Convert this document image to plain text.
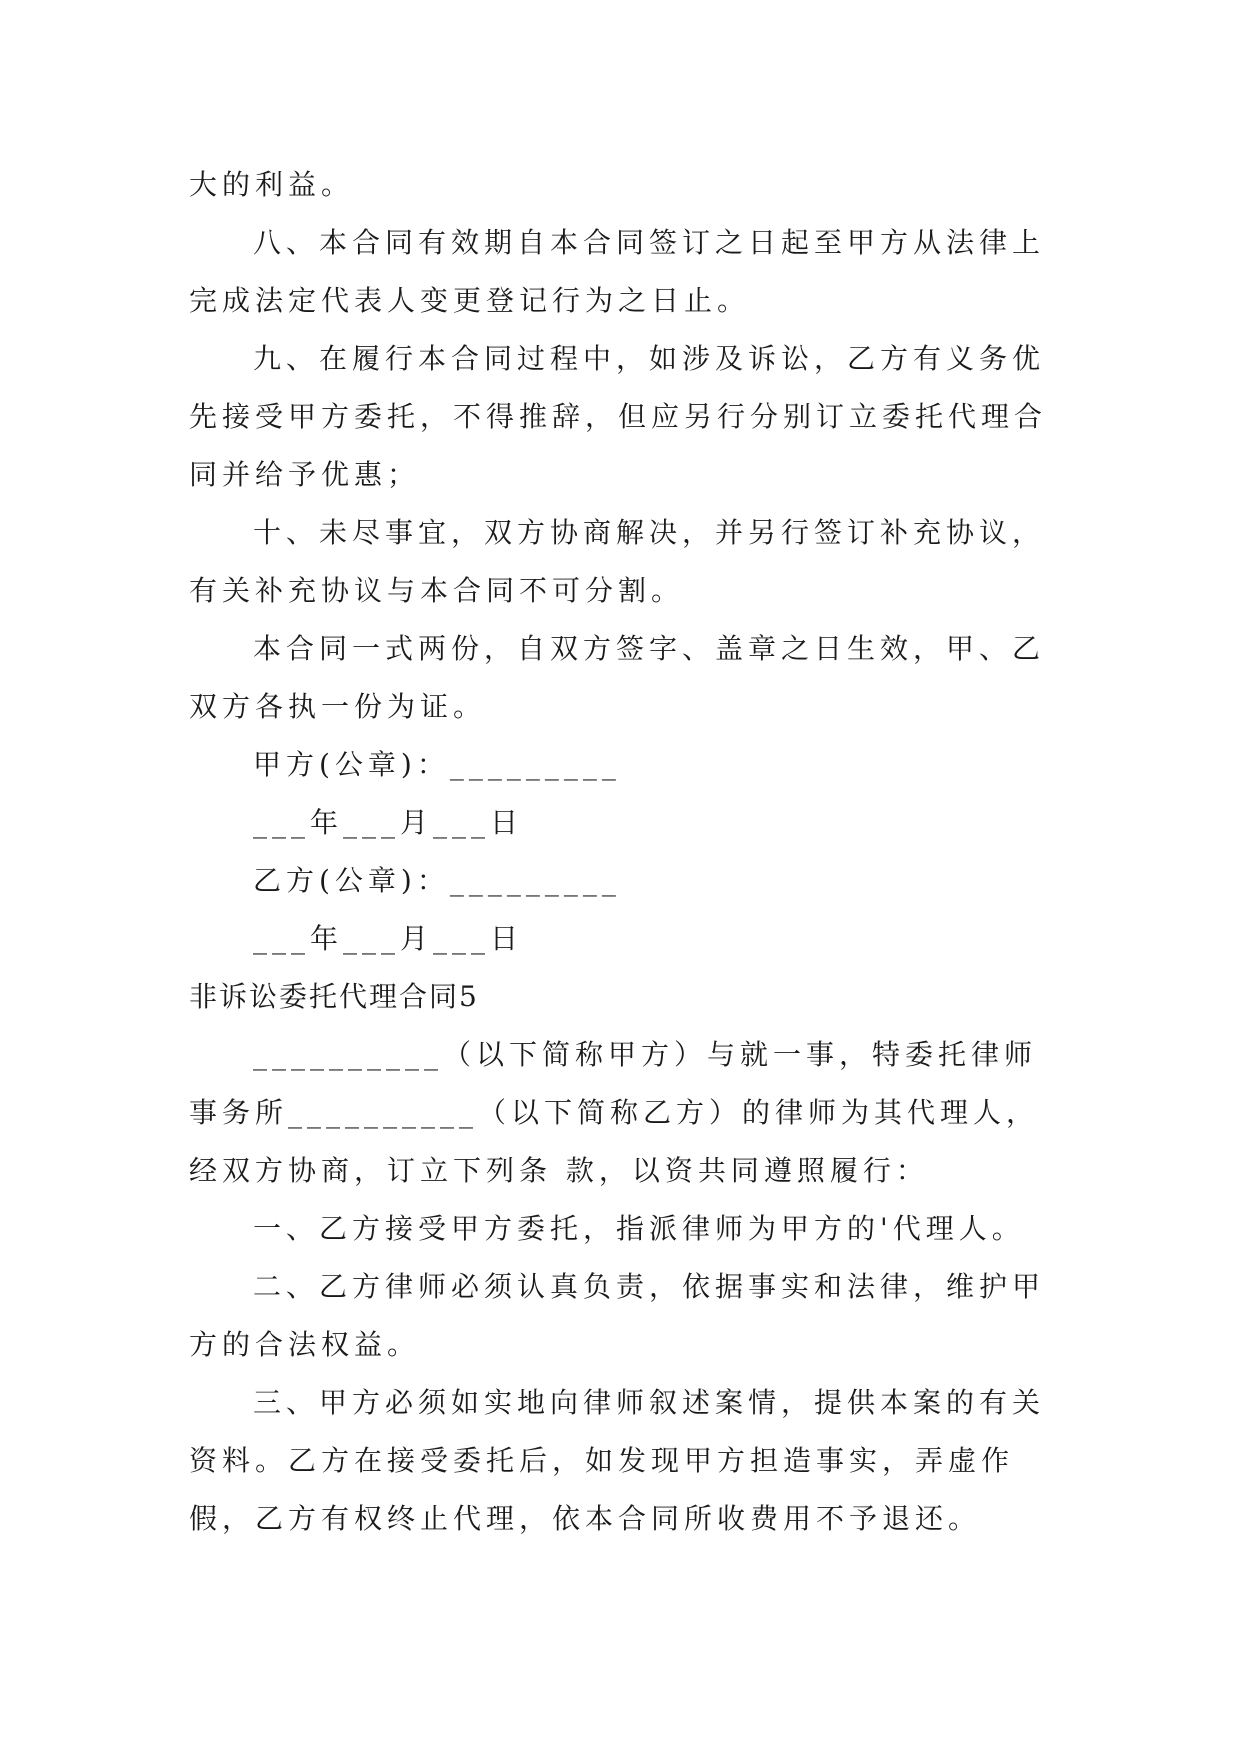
大的利益。

八、本合同有效期自本合同签订之日起至甲方从法律上完成法定代表人变更登记行为之日止。

九、在履行本合同过程中，如涉及诉讼，乙方有义务优先接受甲方委托，不得推辞，但应另行分别订立委托代理合同并给予优惠；

十、未尽事宜，双方协商解决，并另行签订补充协议，有关补充协议与本合同不可分割。

本合同一式两份，自双方签字、盖章之日生效，甲、乙双方各执一份为证。

甲方(公章)：_________

___年___月___日

乙方(公章)：_________

___年___月___日

非诉讼委托代理合同5

__________（以下简称甲方）与就一事，特委托律师事务所__________（以下简称乙方）的律师为其代理人，经双方协商，订立下列条 款，以资共同遵照履行：

一、乙方接受甲方委托，指派律师为甲方的'代理人。

二、乙方律师必须认真负责，依据事实和法律，维护甲方的合法权益。

三、甲方必须如实地向律师叙述案情，提供本案的有关资料。乙方在接受委托后，如发现甲方担造事实，弄虚作假，乙方有权终止代理，依本合同所收费用不予退还。
